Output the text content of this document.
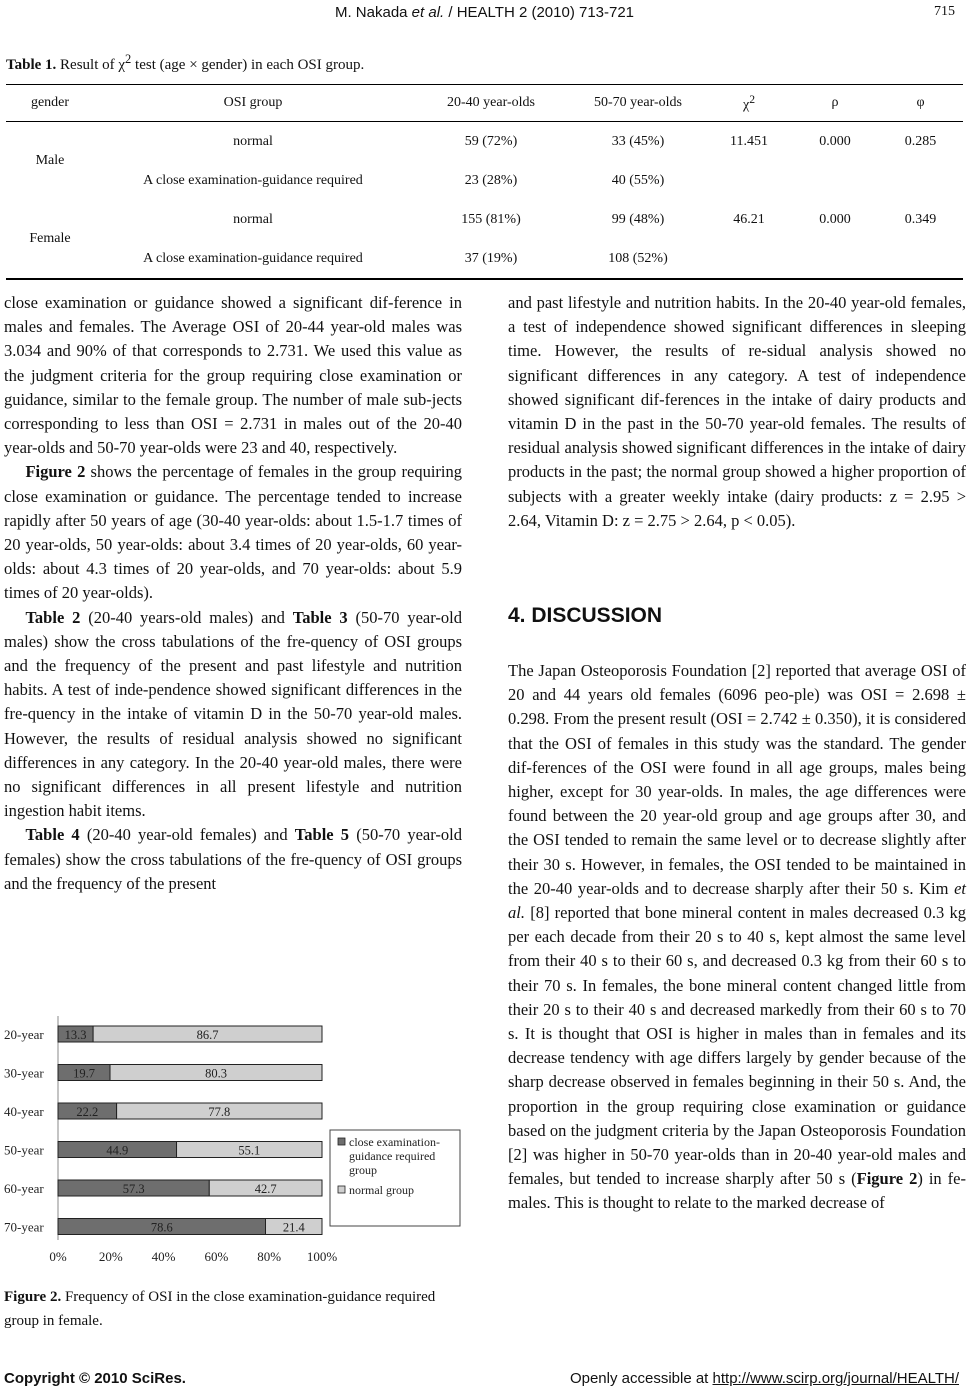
M. Nakada et al. / HEALTH 2 (2010) 713-721	715
Table 1. Result of $\chi^2$ test (age × gender) in each OSI group.
gender	OSI group	20-40 year-olds	50-70 year-olds	$\chi^2$	ρ	φ
Male	normal	59 (72%)	33 (45%)	11.451	0.000	0.285
	A close examination-guidance required	23 (28%)	40 (55%)			
Female	normal	155 (81%)	99 (48%)	46.21	0.000	0.349
	A close examination-guidance required	37 (19%)	108 (52%)			

close examination or guidance showed a significant dif-ference in males and females. The Average OSI of 20-44 year-old males was 3.034 and 90% of that corresponds to 2.731. We used this value as the judgment criteria for the group requiring close examination or guidance, similar to the female group. The number of male sub-jects corresponding to less than OSI = 2.731 in males out of the 20-40 year-olds and 50-70 year-olds were 23 and 40, respectively.

Figure 2 shows the percentage of females in the group requiring close examination or guidance. The percentage tended to increase rapidly after 50 years of age (30-40 year-olds: about 1.5-1.7 times of 20 year-olds, 50 year-olds: about 3.4 times of 20 year-olds, 60 year-olds: about 4.3 times of 20 year-olds, and 70 year-olds: about 5.9 times of 20 year-olds).

Table 2 (20-40 years-old males) and Table 3 (50-70 year-old males) show the cross tabulations of the fre-quency of OSI groups and the frequency of the present and past lifestyle and nutrition habits. A test of inde-pendence showed significant differences in the fre-quency in the intake of vitamin D in the 50-70 year-old males. However, the results of residual analysis showed no significant differences in any category. In the 20-40 year-old males, there were no significant differences in all present lifestyle and nutrition ingestion habit items.

Table 4 (20-40 year-old females) and Table 5 (50-70 year-old females) show the cross tabulations of the fre-quency of OSI groups and the frequency of the present

20-year 13.3	86.7
30-year 19.7	80.3
40-year	22.2	77.8
50-year	44.9	55.1
60-year	57.3	42.7
70-year	78.6	21.4
0% 20% 40% 60% 80% 100%
close examination-
guidance required
group
normal group
Figure 2. Frequency of OSI in the close examination-guidance required group in female.

and past lifestyle and nutrition habits. In the 20-40 year-old females, a test of independence showed significant differences in sleeping time. However, the results of re-sidual analysis showed no significant differences in any category. A test of independence showed significant dif-ferences in the intake of dairy products and vitamin D in the past in the 50-70 year-old females. The results of residual analysis showed significant differences in the intake of dairy products in the past; the normal group showed a higher proportion of subjects with a greater weekly intake (dairy products: z = 2.95 > 2.64, Vitamin D: z = 2.75 > 2.64, p < 0.05).

4. DISCUSSION

The Japan Osteoporosis Foundation [2] reported that average OSI of 20 and 44 years old females (6096 peo-ple) was OSI = 2.698 ± 0.298. From the present result (OSI = 2.742 ± 0.350), it is considered that the OSI of females in this study was the standard. The gender dif-ferences of the OSI were found in all age groups, males being higher, except for 30 year-olds. In males, the age differences were found between the 20 year-old group and age groups after 30, and the OSI tended to remain the same level or to decrease slightly after their 30 s. However, in females, the OSI tended to be maintained in the 20-40 year-olds and to decrease sharply after their 50 s. Kim et al. [8] reported that bone mineral content in males decreased 0.3 kg per each decade from their 20 s to 40 s, kept almost the same level from their 40 s to their 60 s, and decreased 0.3 kg from their 60 s to their 70 s. In females, the bone mineral content changed little from their 20 s to their 40 s and decreased markedly from their 60 s to 70 s. It is thought that OSI is higher in males than in females and its decrease tendency with age differs largely by gender because of the sharp decrease observed in females beginning in their 50 s. And, the proportion in the group requiring close examination or guidance based on the judgment criteria by the Japan Osteoporosis Foundation [2] was higher in 50-70 year-olds than in 20-40 year-old males and females, but tended to increase sharply after 50 s (Figure 2) in fe-males. This is thought to relate to the marked decrease of

Copyright © 2010 SciRes.	Openly accessible at http://www.scirp.org/journal/HEALTH/
